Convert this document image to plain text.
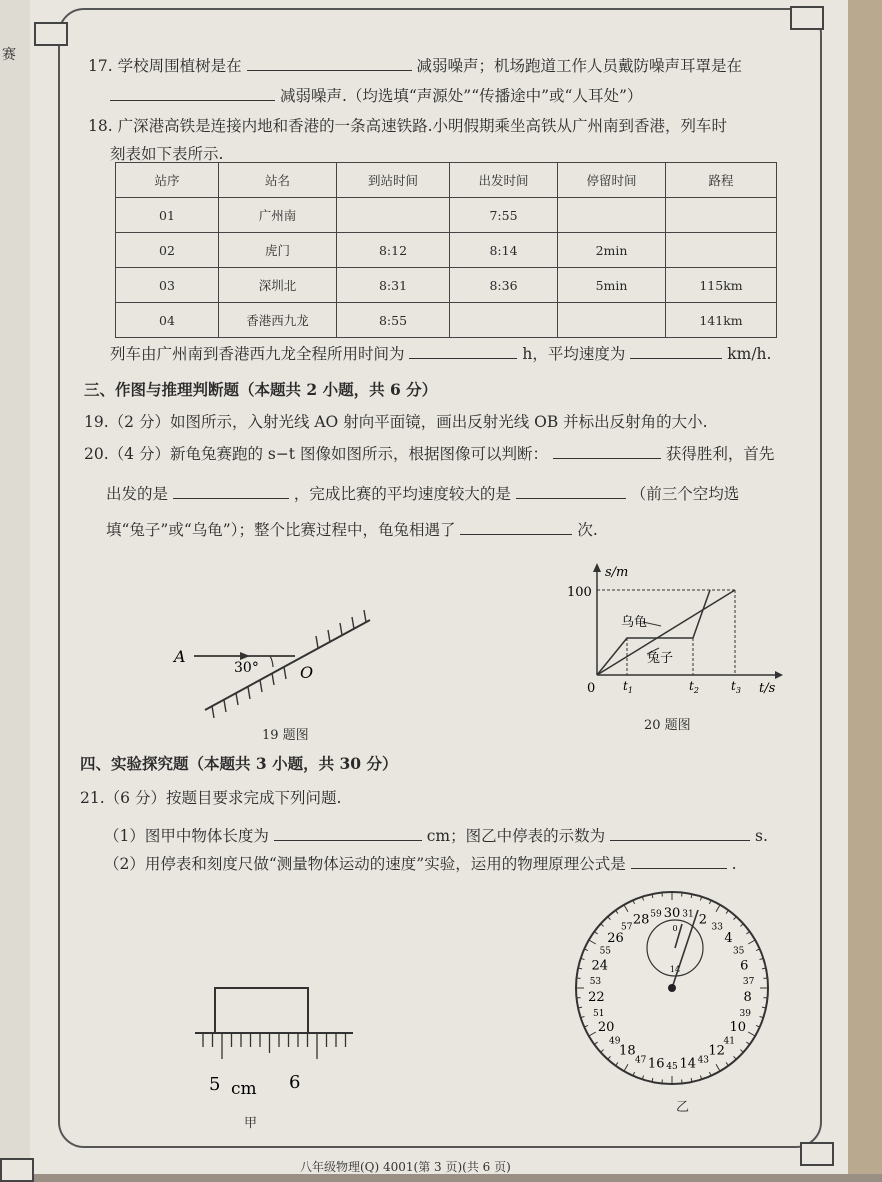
赛
17. 学校周围植树是在	减弱噪声；机场跑道工作人员戴防噪声耳罩是在
减弱噪声.（均选填“声源处”“传播途中”或“人耳处”）
18. 广深港高铁是连接内地和香港的一条高速铁路.小明假期乘坐高铁从广州南到香港，列车时
刻表如下表所示.
站序	站名	到站时间	出发时间	停留时间	路程
01	广州南		7:55		
02	虎门	8:12	8:14	2min	
03	深圳北	8:31	8:36	5min	115km
04	香港西九龙	8:55			141km
列车由广州南到香港西九龙全程所用时间为	h，平均速度为	km/h.
三、作图与推理判断题（本题共 2 小题，共 6 分）
19.（2 分）如图所示，入射光线 AO 射向平面镜，画出反射光线 OB 并标出反射角的大小.
20.（4 分）新龟兔赛跑的 s−t 图像如图所示，根据图像可以判断：	获得胜利，首先
出发的是	，完成比赛的平均速度较大的是	（前三个空均选
填“兔子”或“乌龟”）；整个比赛过程中，龟兔相遇了	次.
A
30°	O
19 题图
s/m
t/s
100
0 $t_1$	$t_2$	$t_3$
乌龟
兔子
20 题图
四、实验探究题（本题共 3 小题，共 30 分）
21.（6 分）按题目要求完成下列问题.
（1）图甲中物体长度为	cm；图乙中停表的示数为	s.
（2）用停表和刻度尺做“测量物体运动的速度”实验，运用的物理原理公式是	.
5 cm 6
甲
30 2
4
6
8
10
12
14
16
18
20
22
24
26
28	31
33
35
37
39
41
43
45
47
49
51
53
55
57
59
0
14
乙
八年级物理(Q) 4001(第 3 页)(共 6 页)
